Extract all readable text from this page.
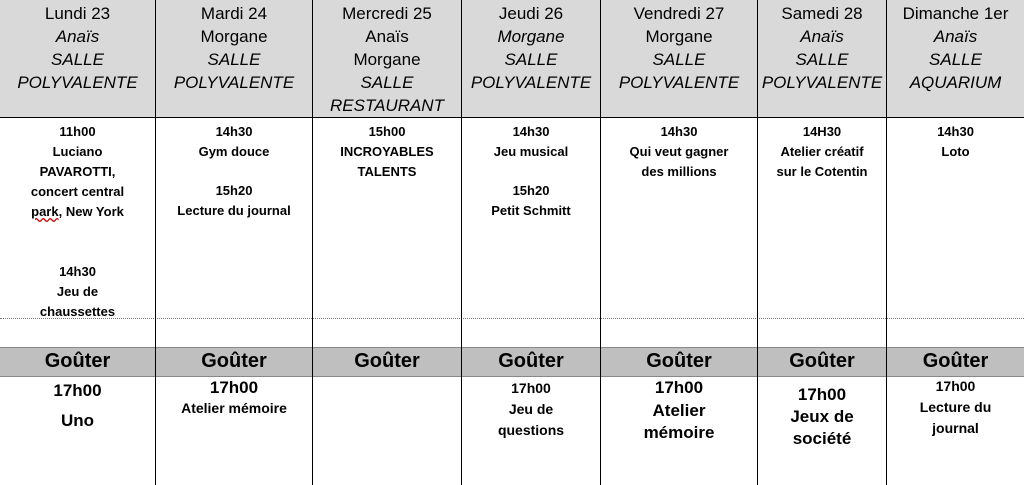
Lundi 23
Anaïs
SALLE
POLYVALENTE
11h00
Luciano
PAVAROTTI,
concert central
park, New York
14h30
Jeu de
chaussettes
Goûter
17h00
Uno
Mardi 24
Morgane
SALLE
POLYVALENTE
14h30
Gym douce
15h20
Lecture du journal
Goûter
17h00
Atelier mémoire
Mercredi 25
Anaïs
Morgane
SALLE
RESTAURANT
15h00
INCROYABLES
TALENTS
Goûter
Jeudi 26
Morgane
SALLE
POLYVALENTE
14h30
Jeu musical
15h20
Petit Schmitt
Goûter
17h00
Jeu de
questions
Vendredi 27
Morgane
SALLE
POLYVALENTE
14h30
Qui veut gagner
des millions
Goûter
17h00
Atelier
mémoire
Samedi 28
Anaïs
SALLE
POLYVALENTE
14H30
Atelier créatif
sur le Cotentin
Goûter
17h00
Jeux de
société
Dimanche 1er
Anaïs
SALLE
AQUARIUM
14h30
Loto
Goûter
17h00
Lecture du
journal
